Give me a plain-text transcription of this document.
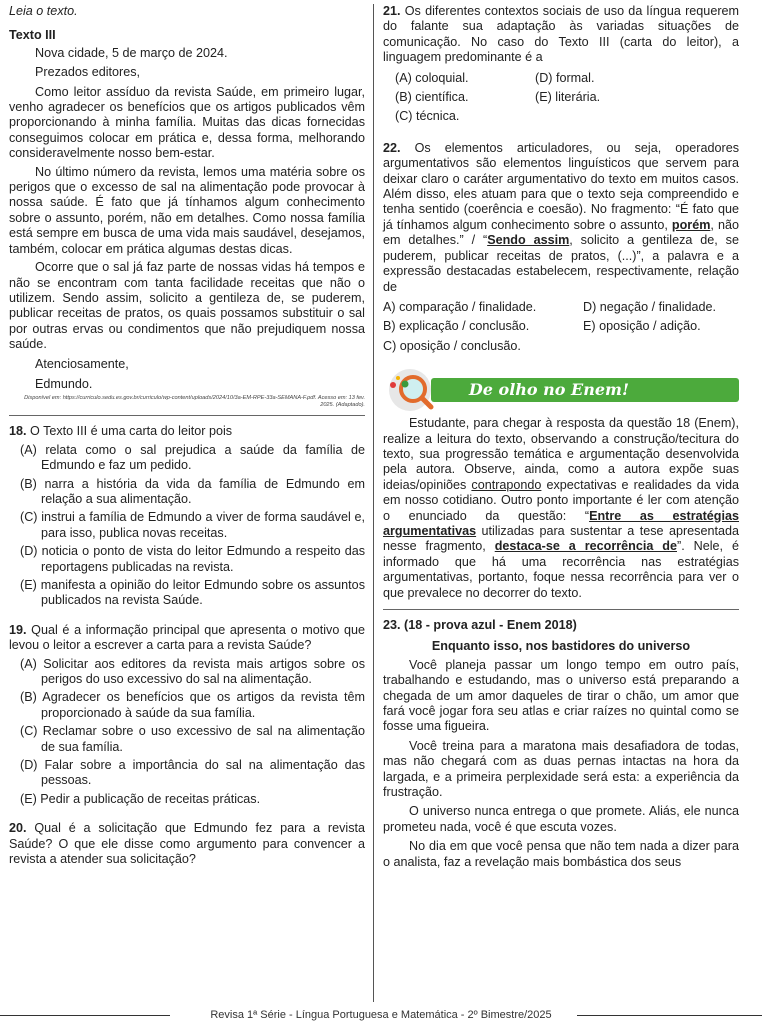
Leia o texto.

Texto III

Nova cidade, 5 de março de 2024.

Prezados editores,

Como leitor assíduo da revista Saúde, em primeiro lugar, venho agradecer os benefícios que os artigos publicados vêm proporcionando à minha família. Muitas das dicas fornecidas conseguimos colocar em prática e, dessa forma, melhorando consideravelmente nosso bem-estar.

No último número da revista, lemos uma matéria sobre os perigos que o excesso de sal na alimentação pode provocar à nossa saúde. É fato que já tínhamos algum conhecimento sobre o assunto, porém, não em detalhes. Como nossa família está sempre em busca de uma vida mais saudável, desejamos, também, colocar em prática algumas destas dicas.

Ocorre que o sal já faz parte de nossas vidas há tempos e não se encontram com tanta facilidade receitas que não o utilizem. Sendo assim, solicito a gentileza de, se puderem, publicar receitas de pratos, os quais possamos substituir o sal por outras ervas ou condimentos que não prejudiquem nossa saúde.

Atenciosamente,

Edmundo.

Disponível em: https://curriculo.sedu.es.gov.br/curriculo/wp-content/uploads/2024/10/3a-EM-RPE-33a-SEMANA-F.pdf. Acesso em: 13 fev. 2025. (Adaptado).

18. O Texto III é uma carta do leitor pois

(A) relata como o sal prejudica a saúde da família de Edmundo e faz um pedido.

(B) narra a história da vida da família de Edmundo em relação a sua alimentação.

(C) instrui a família de Edmundo a viver de forma saudável e, para isso, publica novas receitas.

(D) noticia o ponto de vista do leitor Edmundo a respeito das reportagens publicadas na revista.

(E) manifesta a opinião do leitor Edmundo sobre os assuntos publicados na revista Saúde.

19. Qual é a informação principal que apresenta o motivo que levou o leitor a escrever a carta para a revista Saúde?

(A) Solicitar aos editores da revista mais artigos sobre os perigos do uso excessivo do sal na alimentação.

(B) Agradecer os benefícios que os artigos da revista têm proporcionado à saúde da sua família.

(C) Reclamar sobre o uso excessivo de sal na alimentação de sua família.

(D) Falar sobre a importância do sal na alimentação das pessoas.

(E) Pedir a publicação de receitas práticas.

20. Qual é a solicitação que Edmundo fez para a revista Saúde? O que ele disse como argumento para convencer a revista a atender sua solicitação?

21. Os diferentes contextos sociais de uso da língua requerem do falante sua adaptação às variadas situações de comunicação. No caso do Texto III (carta do leitor), a linguagem predominante é a

(A) coloquial.	(D) formal.
(B) científica.	(E) literária.
(C) técnica.

22. Os elementos articuladores, ou seja, operadores argumentativos são elementos linguísticos que servem para deixar claro o caráter argumentativo do texto em muitos casos. Além disso, eles atuam para que o texto seja compreendido e tenha sentido (coerência e coesão). No fragmento: “É fato que já tínhamos algum conhecimento sobre o assunto, porém, não em detalhes.” / “Sendo assim, solicito a gentileza de, se puderem, publicar receitas de pratos, (...)”, a palavra e a expressão destacadas estabelecem, respectivamente, relação de

A) comparação / finalidade.	D) negação / finalidade.
B) explicação / conclusão.	E) oposição / adição.
C) oposição / conclusão.
De olho no Enem!

Estudante, para chegar à resposta da questão 18 (Enem), realize a leitura do texto, observando a construção/tecitura do texto, sua progressão temática e argumentação desenvolvida pela autora. Observe, ainda, como a autora expõe suas ideias/opiniões contrapondo expectativas e realidades da vida em nosso cotidiano. Outro ponto importante é ler com atenção o enunciado da questão: “Entre as estratégias argumentativas utilizadas para sustentar a tese apresentada nesse fragmento, destaca-se a recorrência de”. Nele, é informado que há uma recorrência nas estratégias argumentativas, portanto, foque nessa recorrência para ver o que prevalece no decorrer do texto.

23. (18 - prova azul - Enem 2018)

Enquanto isso, nos bastidores do universo

Você planeja passar um longo tempo em outro país, trabalhando e estudando, mas o universo está preparando a chegada de um amor daqueles de tirar o chão, um amor que fará você jogar fora seu atlas e criar raízes no quintal como se fosse uma figueira.

Você treina para a maratona mais desafiadora de todas, mas não chegará com as duas pernas intactas na hora da largada, e a primeira perplexidade será esta: a experiência da frustração.

O universo nunca entrega o que promete. Aliás, ele nunca prometeu nada, você é que escuta vozes.

No dia em que você pensa que não tem nada a dizer para o analista, faz a revelação mais bombástica dos seus

Revisa 1ª Série - Língua Portuguesa e Matemática - 2º Bimestre/2025
